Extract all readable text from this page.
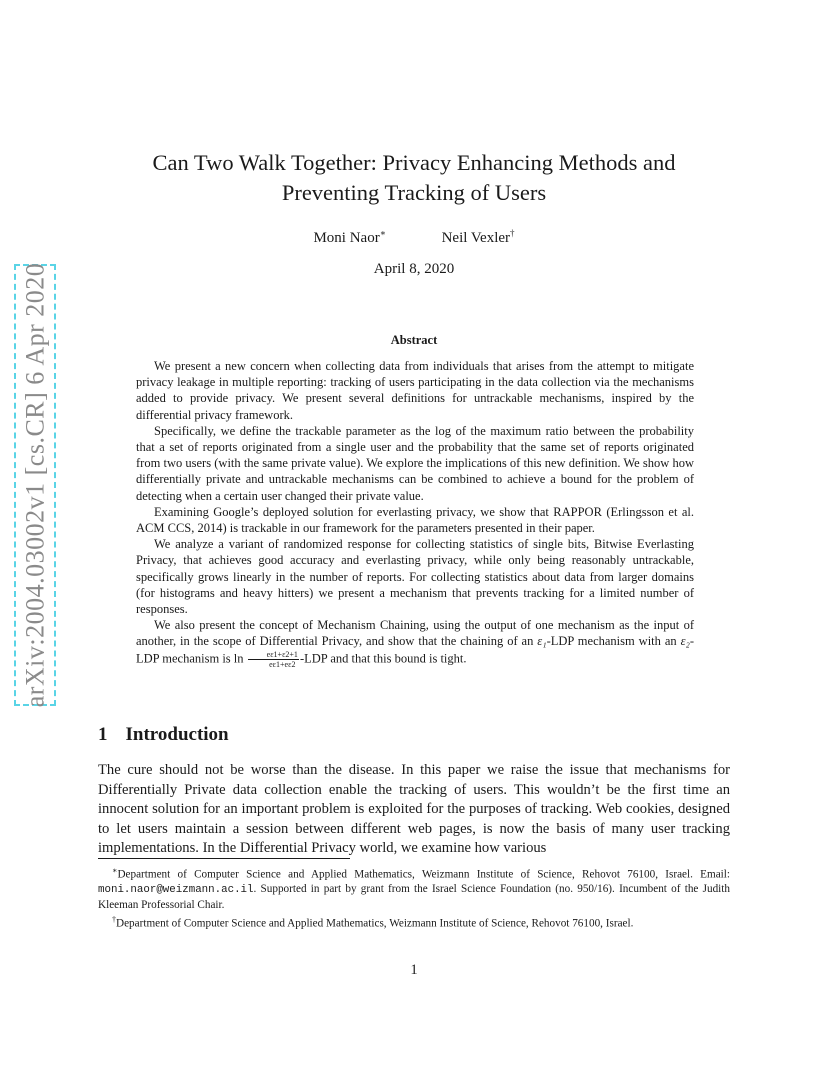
arXiv:2004.03002v1 [cs.CR] 6 Apr 2020
Can Two Walk Together: Privacy Enhancing Methods and
Preventing Tracking of Users
Moni Naor∗	Neil Vexler†
April 8, 2020
Abstract

We present a new concern when collecting data from individuals that arises from the attempt to mitigate privacy leakage in multiple reporting: tracking of users participating in the data collection via the mechanisms added to provide privacy. We present several definitions for untrackable mechanisms, inspired by the differential privacy framework.

Specifically, we define the trackable parameter as the log of the maximum ratio between the probability that a set of reports originated from a single user and the probability that the same set of reports originated from two users (with the same private value). We explore the implications of this new definition. We show how differentially private and untrackable mechanisms can be combined to achieve a bound for the problem of detecting when a certain user changed their private value.

Examining Google’s deployed solution for everlasting privacy, we show that RAPPOR (Erlingsson et al. ACM CCS, 2014) is trackable in our framework for the parameters presented in their paper.

We analyze a variant of randomized response for collecting statistics of single bits, Bitwise Everlasting Privacy, that achieves good accuracy and everlasting privacy, while only being reasonably untrackable, specifically grows linearly in the number of reports. For collecting statistics about data from larger domains (for histograms and heavy hitters) we present a mechanism that prevents tracking for a limited number of responses.

We also present the concept of Mechanism Chaining, using the output of one mechanism as the input of another, in the scope of Differential Privacy, and show that the chaining of an ε₁-LDP mechanism with an ε₂-LDP mechanism is $\ln \frac{e\varepsilon 1+\varepsilon 2+1}{e\varepsilon 1+e\varepsilon 2} -LDP$ and that this bound is tight.

1 Introduction

The cure should not be worse than the disease. In this paper we raise the issue that mechanisms for Differentially Private data collection enable the tracking of users. This wouldn’t be the first time an innocent solution for an important problem is exploited for the purposes of tracking. Web cookies, designed to let users maintain a session between different web pages, is now the basis of many user tracking implementations. In the Differential Privacy world, we examine how various

∗Department of Computer Science and Applied Mathematics, Weizmann Institute of Science, Rehovot 76100, Israel. Email: moni.naor@weizmann.ac.il. Supported in part by grant from the Israel Science Foundation (no. 950/16). Incumbent of the Judith Kleeman Professorial Chair.

†Department of Computer Science and Applied Mathematics, Weizmann Institute of Science, Rehovot 76100, Israel.

1
